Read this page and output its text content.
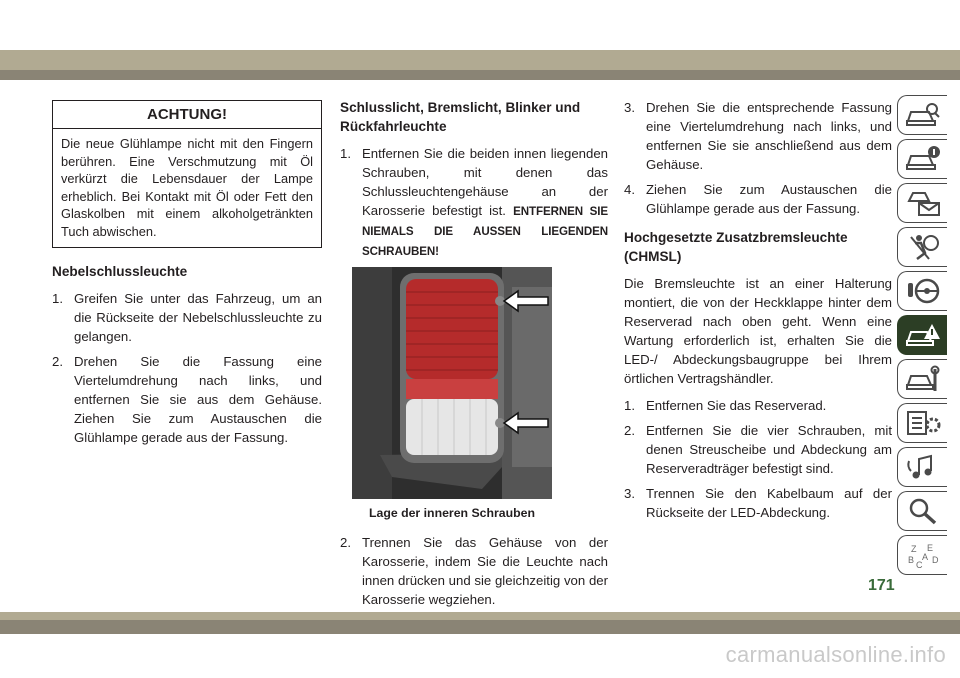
ACHTUNG!
Die neue Glühlampe nicht mit den Fingern berühren. Eine Verschmutzung mit Öl verkürzt die Lebensdauer der Lampe erheblich. Bei Kontakt mit Öl oder Fett den Glaskolben mit einem alkoholgetränkten Tuch abwischen.
Nebelschlussleuchte
1. Greifen Sie unter das Fahrzeug, um an die Rückseite der Nebelschlussleuchte zu gelangen.
2. Drehen Sie die Fassung eine Viertelumdrehung nach links, und entfernen Sie sie aus dem Gehäuse. Ziehen Sie zum Austauschen die Glühlampe gerade aus der Fassung.
Schlusslicht, Bremslicht, Blinker und Rückfahrleuchte
1. Entfernen Sie die beiden innen liegenden Schrauben, mit denen das Schlussleuchtengehäuse an der Karosserie befestigt ist. ENTFERNEN SIE NIEMALS DIE AUSSEN LIEGENDEN SCHRAUBEN!
Lage der inneren Schrauben
2. Trennen Sie das Gehäuse von der Karosserie, indem Sie die Leuchte nach innen drücken und sie gleichzeitig von der Karosserie wegziehen.
3. Drehen Sie die entsprechende Fassung eine Viertelumdrehung nach links, und entfernen Sie sie anschließend aus dem Gehäuse.
4. Ziehen Sie zum Austauschen die Glühlampe gerade aus der Fassung.
Hochgesetzte Zusatzbremsleuchte (CHMSL)

Die Bremsleuchte ist an einer Halterung montiert, die von der Heckklappe hinter dem Reserverad nach oben geht. Wenn eine Wartung erforderlich ist, erhalten Sie die LED-/ Abdeckungsbaugruppe bei Ihrem örtlichen Vertragshändler.

1. Entfernen Sie das Reserverad.
2. Entfernen Sie die vier Schrauben, mit denen Streuscheibe und Abdeckung am Reserveradträger befestigt sind.
3. Trennen Sie den Kabelbaum auf der Rückseite der LED-Abdeckung.
Z E
B A D
C
171
carmanualsonline.info
